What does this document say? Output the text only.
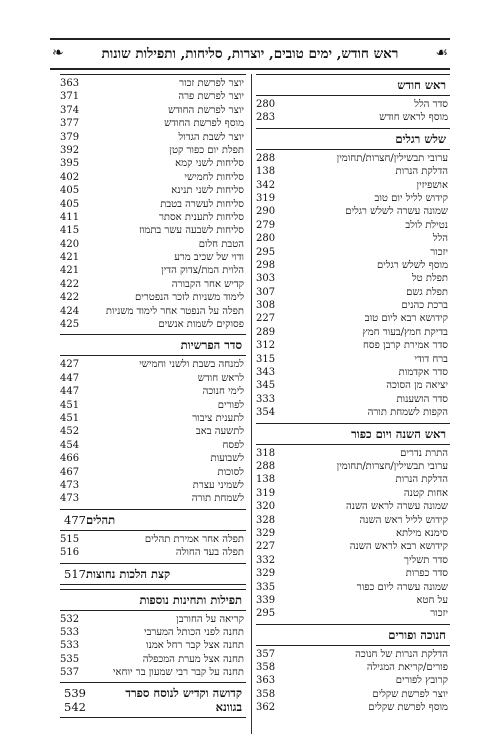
❧	ראש חודש, ימים טובים, יוצרות, סליחות, ותפילות שונות	☙
ראש חודש
280	סדר הלל
283	מוסף לראש חודש
שלש רגלים
288	ערובי תבשילין/חצרות/תחומין
138	הדלקת הנרות
342	אושפיזין
319	קידוש לליל יום טוב
290	שמונה עשרה לשלש רגלים
279	נטילת לולב
280	הלל
295	יזכור
298	מוסף לשלש רגלים
303	תפלת טל
307	תפלת גשם
308	ברכת כהנים
227	קידושא רבא ליום טוב
289	בדיקת חמץ/בעור חמץ
312	סדר אמירת קרבן פסח
315	ברח דודי
343	סדר אקדמות
345	יציאה מן הסוכה
333	סדר הושענות
354	הקפות לשמחת תורה
ראש השנה ויום כפור
318	התרת נדרים
288	ערובי תבשילין/חצרות/תחומין
138	הדלקת הנרות
319	אחות קטנה
320	שמונה עשרה לראש השנה
328	קידוש לליל ראש השנה
329	סימנא מילתא
227	קידושא רבא לראש השנה
332	סדר תשליך
329	סדר כפרות
335	שמונה עשרה ליום כפור
339	על חטא
295	יזכור
חנוכה ופורים
357	הדלקת הנרות של חנוכה
358	פורים/קריאת המגילה
363	קרובץ לפורים
358	יוצר לפרשת שקלים
362	מוסף לפרשת שקלים
363	יוצר לפרשת זכור
371	יוצר לפרשת פרה
374	יוצר לפרשת החודש
377	מוסף לפרשת החודש
379	יוצר לשבת הגדול
392	תפלת יום כפור קטן
395	סליחות לשני קמא
402	סליחות לחמישי
405	סליחות לשני תנינא
405	סליחות לעשרה בטבת
411	סליחות לתענית אסתר
415	סליחות לשבעה עשר בתמוז
420	הטבת חלום
421	ודוי של שכיב מרע
421	הלוית המת/צדוק הדין
422	קדיש אחר הקבורה
422	לימוד משניות לזכר הנפטרים
424	תפלה על הנפטר אחר לימוד משניות
425	פסוקים לשמות אנשים
סדר הפרשיות
427	למנחה בשבת ולשני וחמישי
447	לראש חודש
447	לימי חנוכה
451	לפורים
451	לתענית ציבור
452	לתשעה באב
454	לפסח
466	לשבועות
467	לסוכות
473	לשמיני עצרת
473	לשמחת תורה
477 תהלים
515	תפלה אחר אמירת תהלים
516	תפלה בעד החולה
517 קצת הלכות נחוצות
תפילות ותחינות נוספות
532	קריאה על החורבן
533	תחנה לפני הכותל המערבי
533	תחנה אצל קבר רחל אמנו
535	תחנה אצל מערת המכפלה
537	תחנה על קבר רבי שמעון בר יוחאי
539	קדושה וקדיש לנוסח ספרד
542	בגוונא
